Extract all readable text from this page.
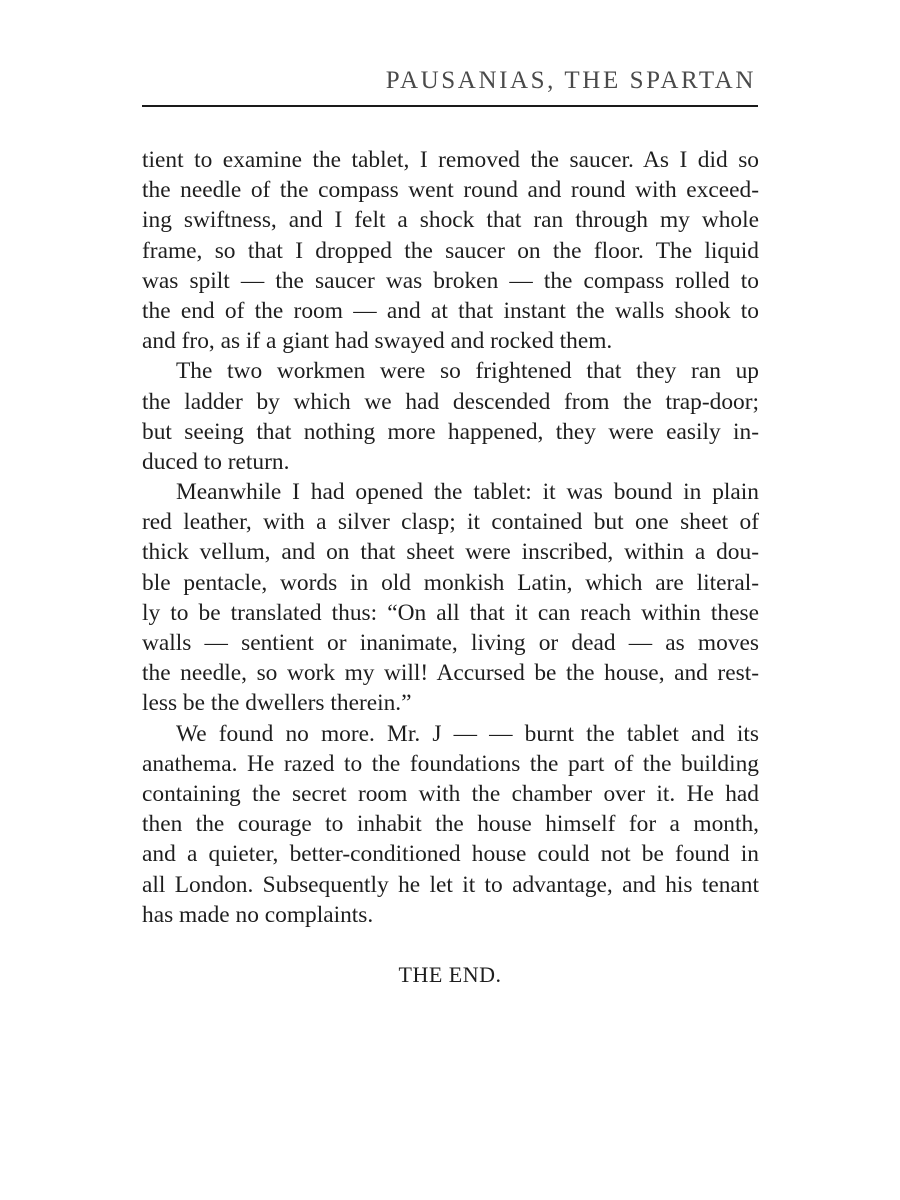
PAUSANIAS, THE SPARTAN
tient to examine the tablet, I removed the saucer. As I did so
the needle of the compass went round and round with exceed-
ing swiftness, and I felt a shock that ran through my whole
frame, so that I dropped the saucer on the floor. The liquid
was spilt — the saucer was broken — the compass rolled to
the end of the room — and at that instant the walls shook to
and fro, as if a giant had swayed and rocked them.
The two workmen were so frightened that they ran up
the ladder by which we had descended from the trap-door;
but seeing that nothing more happened, they were easily in-
duced to return.
Meanwhile I had opened the tablet: it was bound in plain
red leather, with a silver clasp; it contained but one sheet of
thick vellum, and on that sheet were inscribed, within a dou-
ble pentacle, words in old monkish Latin, which are literal-
ly to be translated thus: “On all that it can reach within these
walls — sentient or inanimate, living or dead — as moves
the needle, so work my will! Accursed be the house, and rest-
less be the dwellers therein.”
We found no more. Mr. J — — burnt the tablet and its
anathema. He razed to the foundations the part of the building
containing the secret room with the chamber over it. He had
then the courage to inhabit the house himself for a month,
and a quieter, better-conditioned house could not be found in
all London. Subsequently he let it to advantage, and his tenant
has made no complaints.
THE END.
